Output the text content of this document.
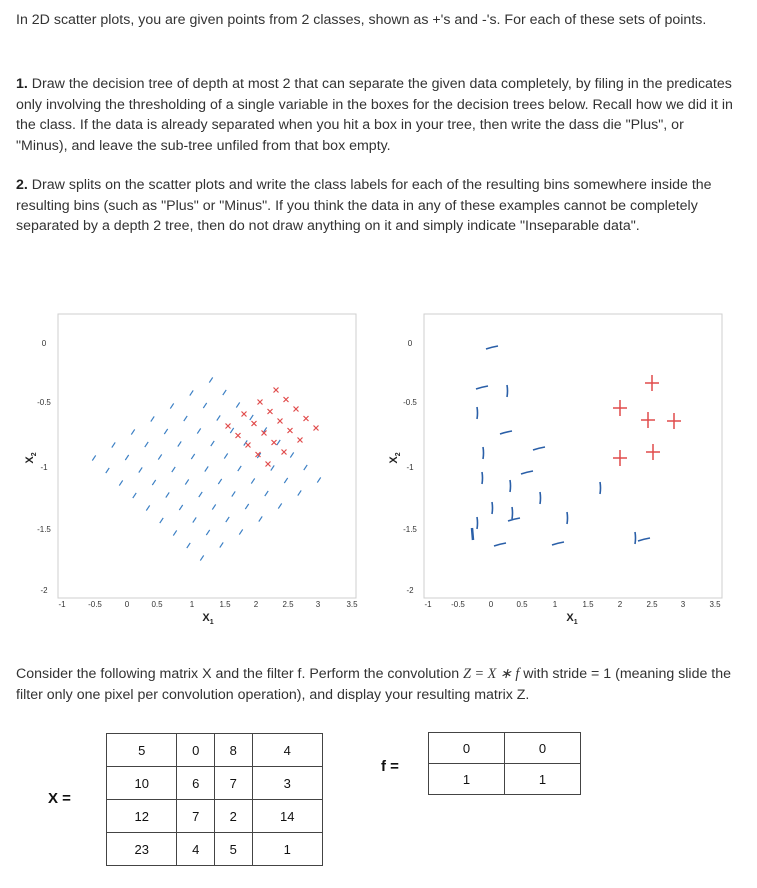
In 2D scatter plots, you are given points from 2 classes, shown as +'s and -'s. For each of these sets of points.

1. Draw the decision tree of depth at most 2 that can separate the given data completely, by filing in the predicates only involving the thresholding of a single variable in the boxes for the decision trees below. Recall how we did it in the class. If the data is already separated when you hit a box in your tree, then write the dass die "Plus", or "Minus), and leave the sub-tree unfiled from that box empty.

2. Draw splits on the scatter plots and write the class labels for each of the resulting bins somewhere inside the resulting bins (such as "Plus" or "Minus". If you think the data in any of these examples cannot be completely separated by a depth 2 tree, then do not draw anything on it and simply indicate "Inseparable data".

0
-0.5
-1
-1.5
-2
-1	-0.5	0	0.5	1	1.5	2	2.5	3	3.5
$X_1$
$X_2$
0
-0.5
-1
-1.5
-2
-1 -0.5	0	0.5	1	1.5	2	2.5	3	3.5
$X_1$
$X_2$

Consider the following matrix X and the filter f. Perform the convolution Z = X ∗ f with stride = 1 (meaning slide the filter only one pixel per convolution operation), and display your resulting matrix Z.

X =
5	0	8	4
10	6	7	3
12	7	2	14
23	4	5	1
f =
0	0
1	1
